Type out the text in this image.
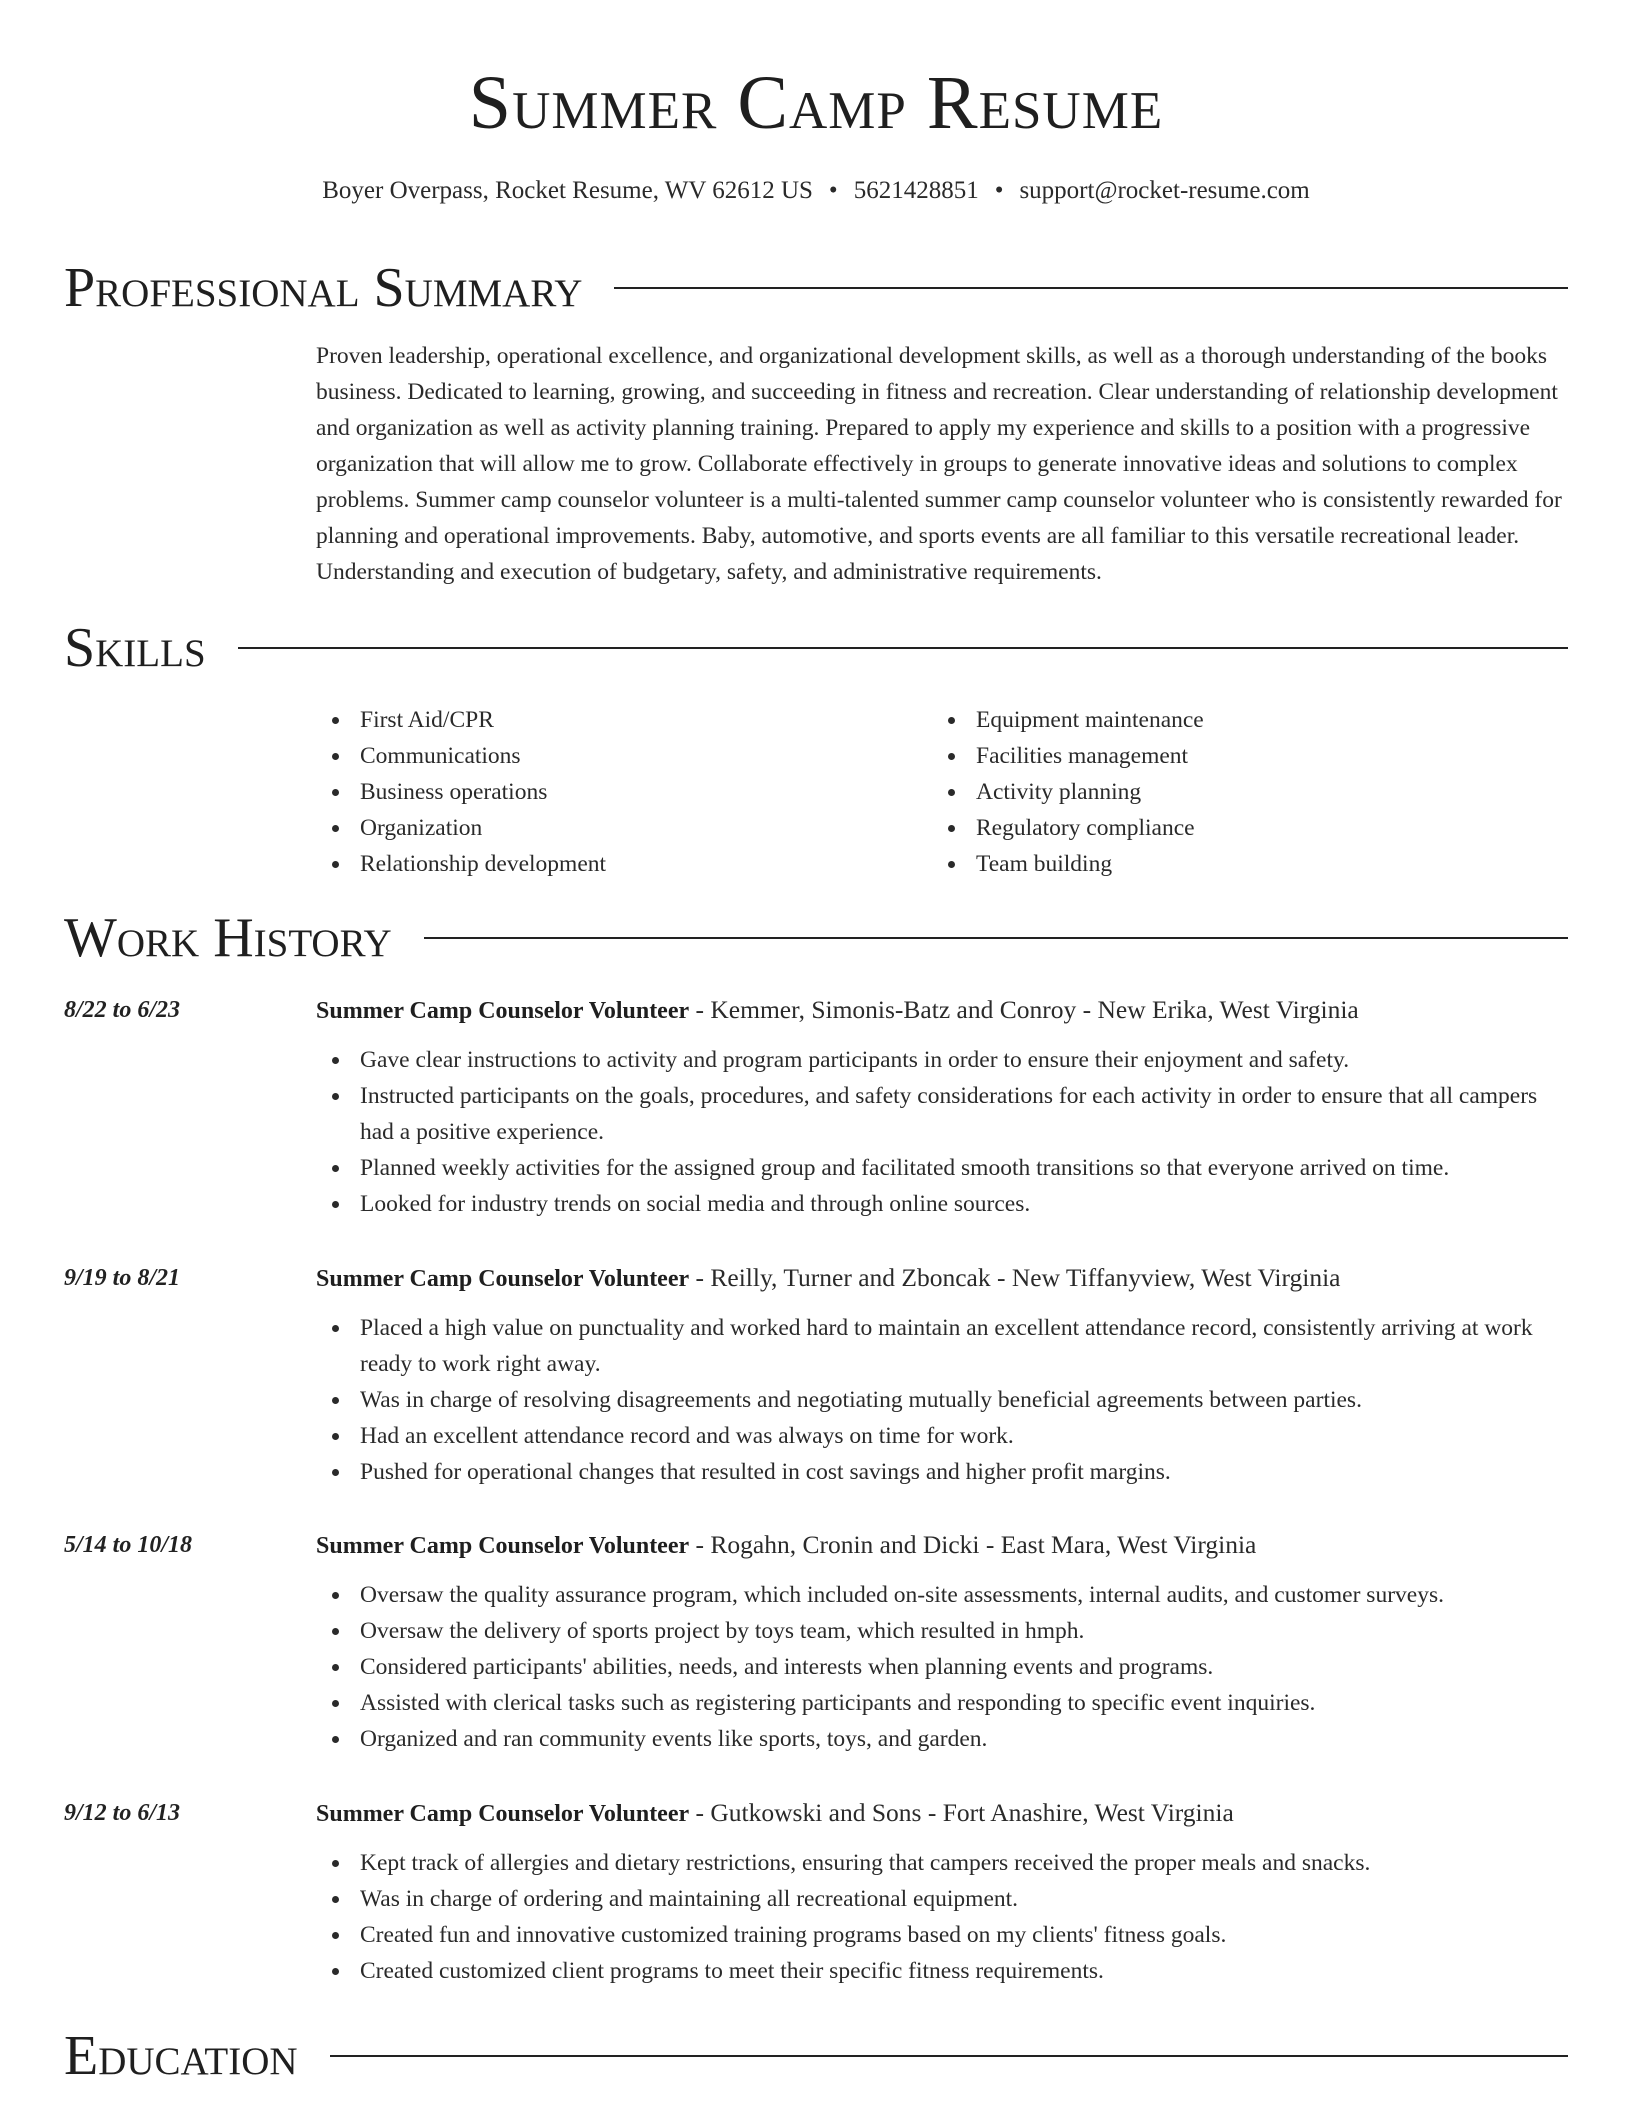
Summer Camp Resume
Boyer Overpass, Rocket Resume, WV 62612 US • 5621428851 • support@rocket-resume.com
Professional Summary

Proven leadership, operational excellence, and organizational development skills, as well as a thorough understanding of the books business. Dedicated to learning, growing, and succeeding in fitness and recreation. Clear understanding of relationship development and organization as well as activity planning training. Prepared to apply my experience and skills to a position with a progressive organization that will allow me to grow. Collaborate effectively in groups to generate innovative ideas and solutions to complex problems. Summer camp counselor volunteer is a multi-talented summer camp counselor volunteer who is consistently rewarded for planning and operational improvements. Baby, automotive, and sports events are all familiar to this versatile recreational leader. Understanding and execution of budgetary, safety, and administrative requirements.

Skills
First Aid/CPR
Communications
Business operations
Organization
Relationship development
Equipment maintenance
Facilities management
Activity planning
Regulatory compliance
Team building
Work History
8/22 to 6/23	Summer Camp Counselor Volunteer - Kemmer, Simonis-Batz and Conroy - New Erika, West Virginia
Gave clear instructions to activity and program participants in order to ensure their enjoyment and safety.
Instructed participants on the goals, procedures, and safety considerations for each activity in order to ensure that all campers had a positive experience.
Planned weekly activities for the assigned group and facilitated smooth transitions so that everyone arrived on time.
Looked for industry trends on social media and through online sources.
9/19 to 8/21	Summer Camp Counselor Volunteer - Reilly, Turner and Zboncak - New Tiffanyview, West Virginia
Placed a high value on punctuality and worked hard to maintain an excellent attendance record, consistently arriving at work ready to work right away.
Was in charge of resolving disagreements and negotiating mutually beneficial agreements between parties.
Had an excellent attendance record and was always on time for work.
Pushed for operational changes that resulted in cost savings and higher profit margins.
5/14 to 10/18	Summer Camp Counselor Volunteer - Rogahn, Cronin and Dicki - East Mara, West Virginia
Oversaw the quality assurance program, which included on-site assessments, internal audits, and customer surveys.
Oversaw the delivery of sports project by toys team, which resulted in hmph.
Considered participants' abilities, needs, and interests when planning events and programs.
Assisted with clerical tasks such as registering participants and responding to specific event inquiries.
Organized and ran community events like sports, toys, and garden.
9/12 to 6/13	Summer Camp Counselor Volunteer - Gutkowski and Sons - Fort Anashire, West Virginia
Kept track of allergies and dietary restrictions, ensuring that campers received the proper meals and snacks.
Was in charge of ordering and maintaining all recreational equipment.
Created fun and innovative customized training programs based on my clients' fitness goals.
Created customized client programs to meet their specific fitness requirements.
Education
